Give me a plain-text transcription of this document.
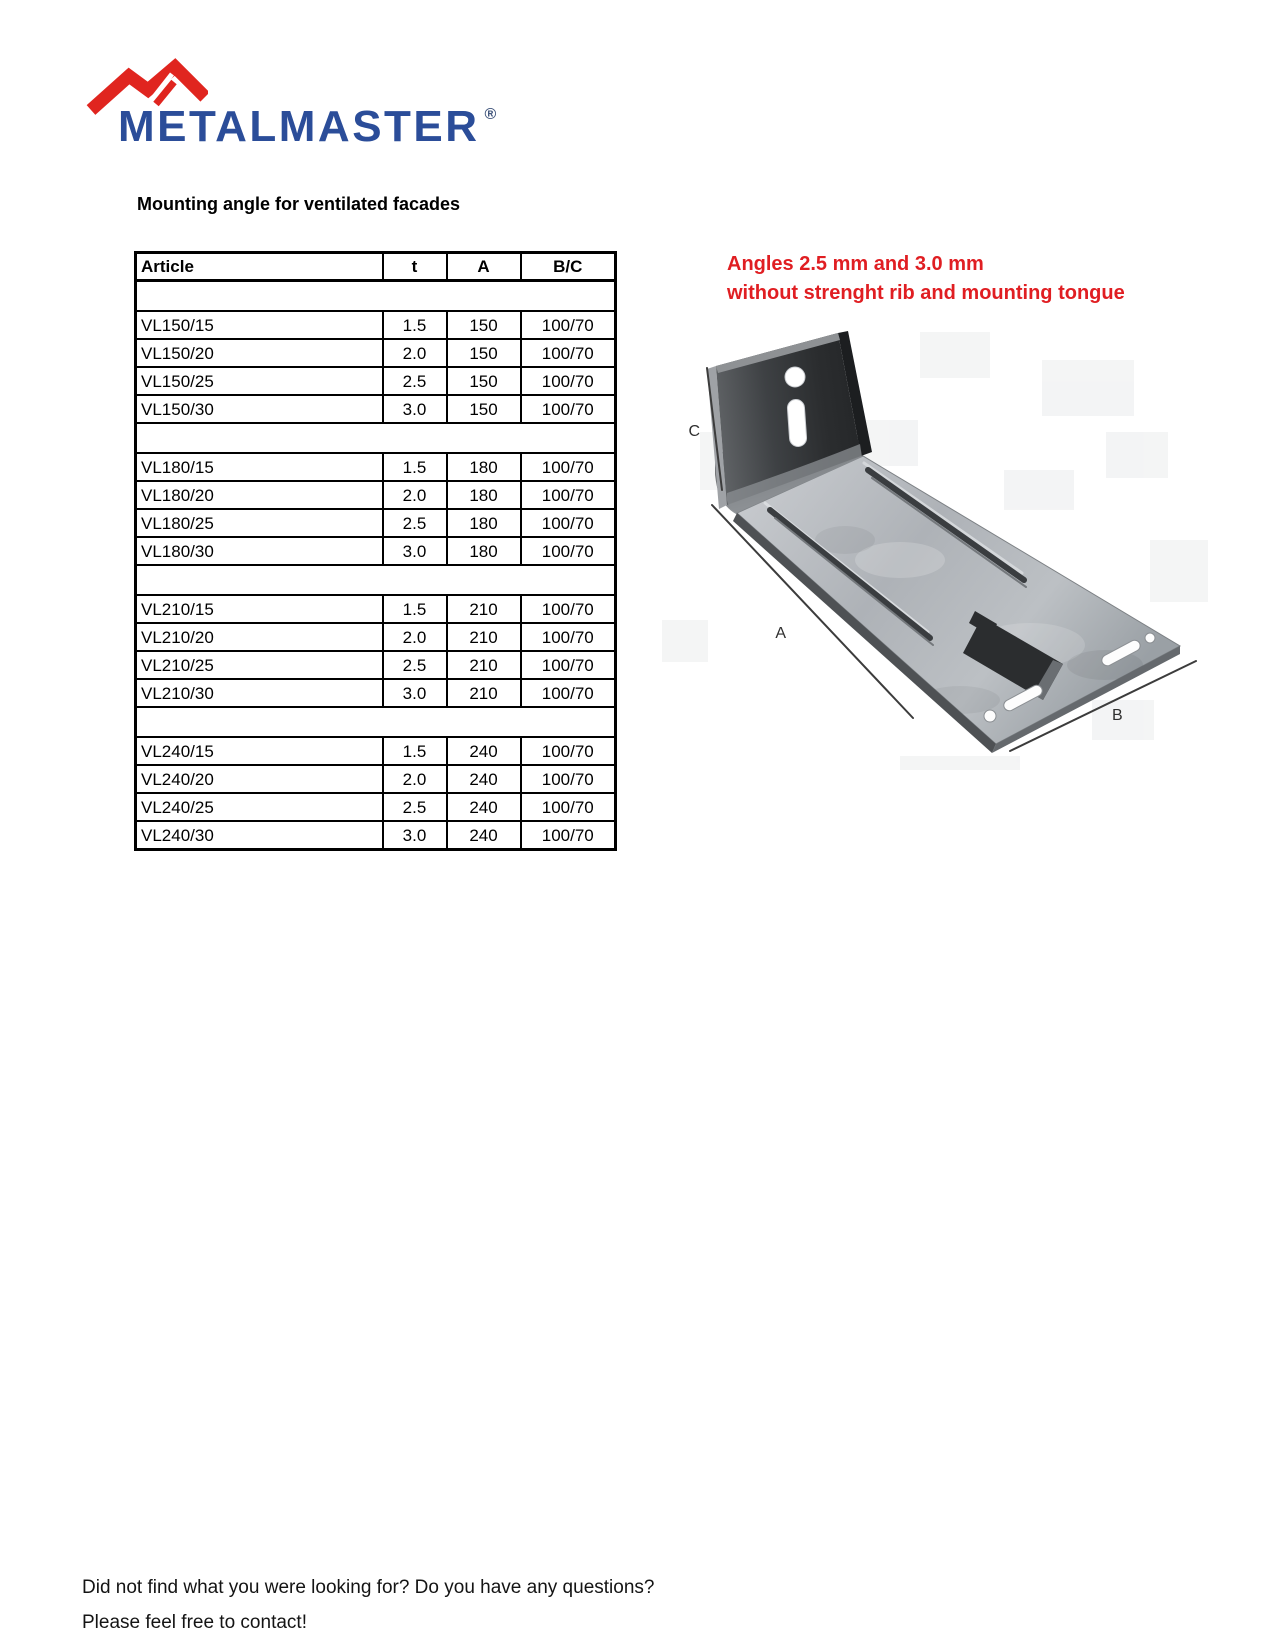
METALMASTER ®
Mounting angle for ventilated facades
Article	t	A	B/C

VL150/15	1.5	150	100/70
VL150/20	2.0	150	100/70
VL150/25	2.5	150	100/70
VL150/30	3.0	150	100/70

VL180/15	1.5	180	100/70
VL180/20	2.0	180	100/70
VL180/25	2.5	180	100/70
VL180/30	3.0	180	100/70

VL210/15	1.5	210	100/70
VL210/20	2.0	210	100/70
VL210/25	2.5	210	100/70
VL210/30	3.0	210	100/70

VL240/15	1.5	240	100/70
VL240/20	2.0	240	100/70
VL240/25	2.5	240	100/70
VL240/30	3.0	240	100/70
Angles 2.5 mm and 3.0 mm
without strenght rib and mounting tongue
C
A
B
Did not find what you were looking for? Do you have any questions?
Please feel free to contact!
